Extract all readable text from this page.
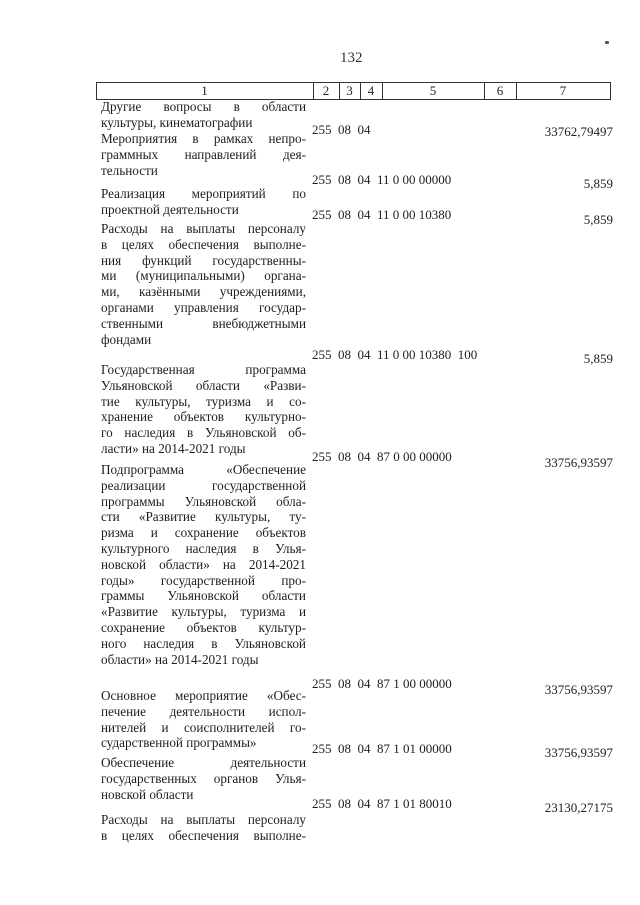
132
1	2	3	4	5	6	7
Другие вопросы в области
культуры, кинематографии	255  08  04	33762,79497
Мероприятия в рамках непро-
граммных направлений дея-
тельности
255  08  04  11 0 00 00000	5,859
Реализация мероприятий по
проектной деятельности	255  08  04  11 0 00 10380	5,859
Расходы на выплаты персоналу
в целях обеспечения выполне-
ния функций государственны-
ми (муниципальными) органа-
ми, казёнными учреждениями,
органами управления государ-
ственными внебюджетными
фондами
255  08  04  11 0 00 10380  100	5,859
Государственная программа
Ульяновской области «Разви-
тие культуры, туризма и со-
хранение объектов культурно-
го наследия в Ульяновской об-
ласти» на 2014-2021 годы
255  08  04  87 0 00 00000	33756,93597
Подпрограмма «Обеспечение
реализации государственной
программы Ульяновской обла-
сти «Развитие культуры, ту-
ризма и сохранение объектов
культурного наследия в Улья-
новской области» на 2014-2021
годы» государственной про-
граммы Ульяновской области
«Развитие культуры, туризма и
сохранение объектов культур-
ного наследия в Ульяновской
области» на 2014-2021 годы
255  08  04  87 1 00 00000	33756,93597
Основное мероприятие «Обес-
печение деятельности испол-
нителей и соисполнителей го-
сударственной программы»	255  08  04  87 1 01 00000	33756,93597
Обеспечение деятельности
государственных органов Улья-
новской области
255  08  04  87 1 01 80010	23130,27175
Расходы на выплаты персоналу
в целях обеспечения выполне-
